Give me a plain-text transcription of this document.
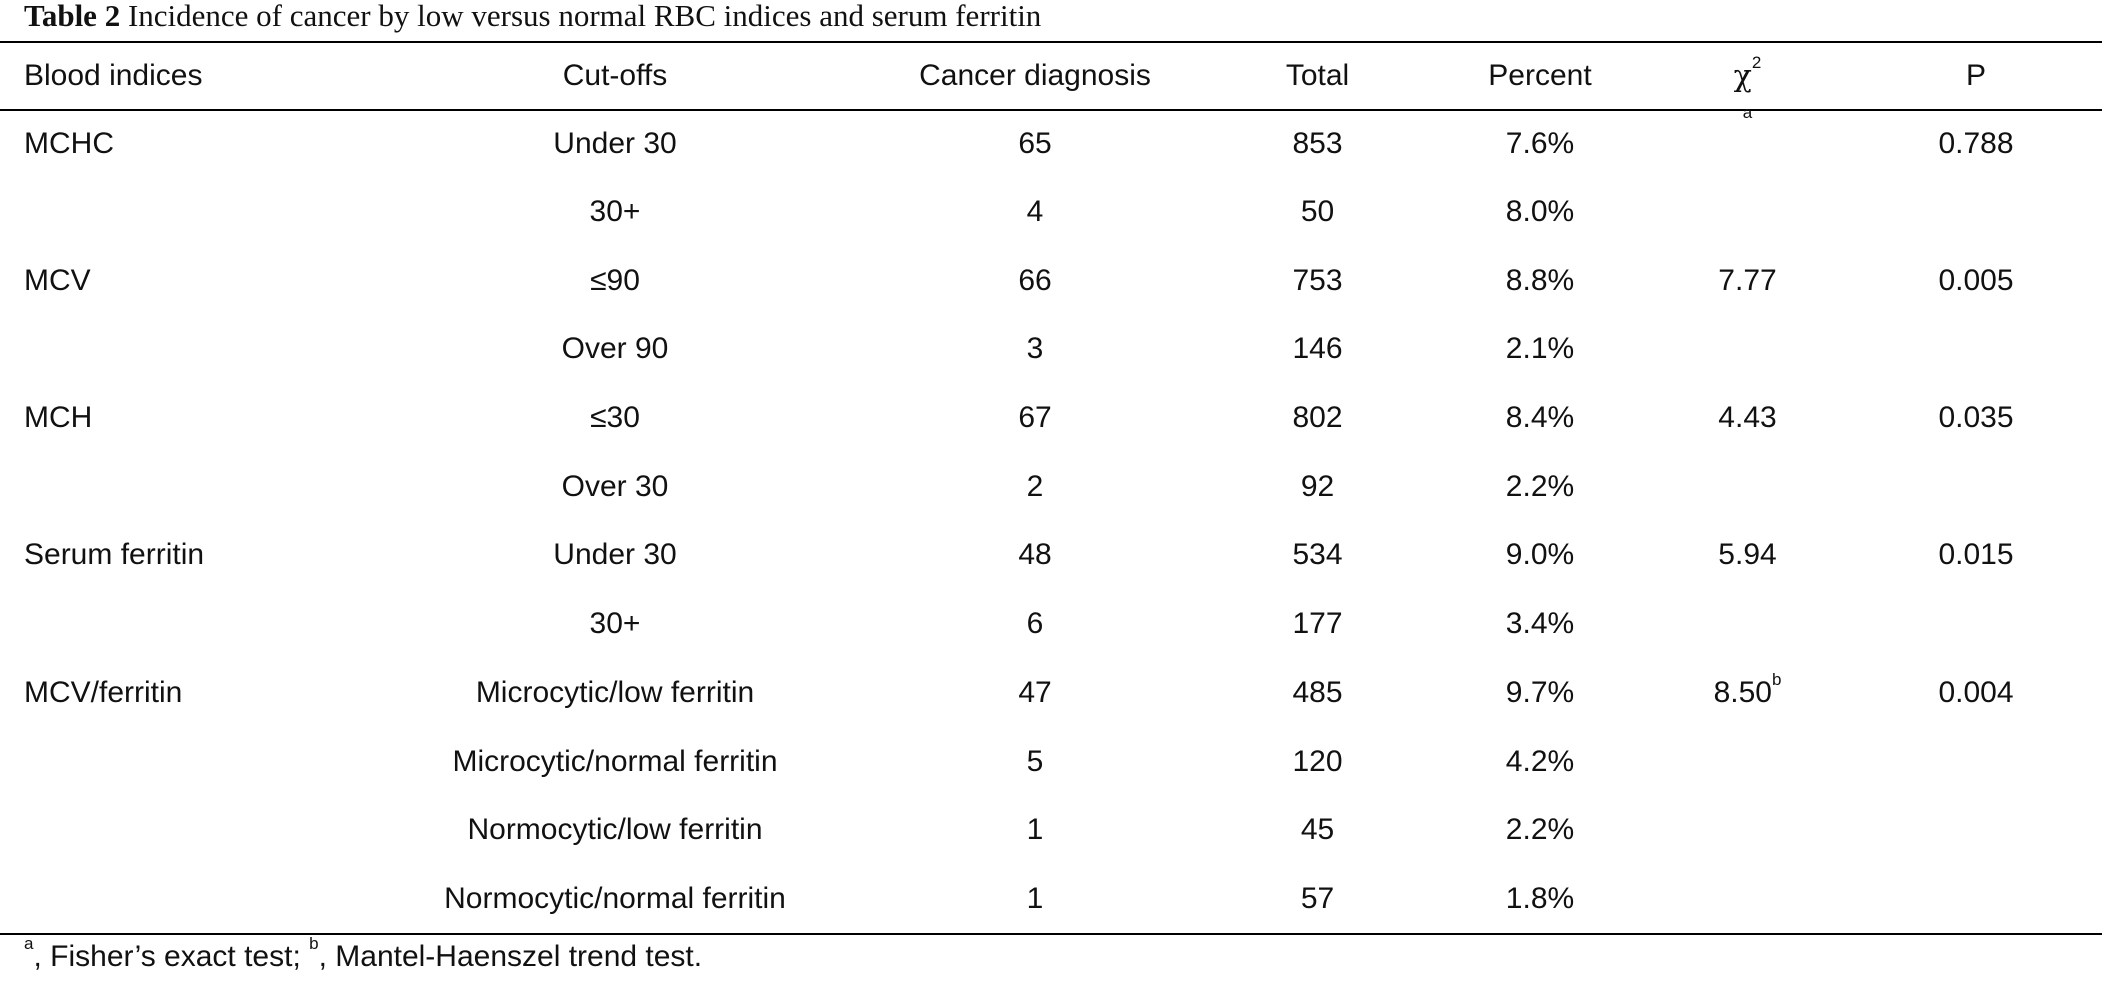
Table 2 Incidence of cancer by low versus normal RBC indices and serum ferritin
Blood indices	Cut-offs	Cancer diagnosis	Total	Percent	$\chi^2$	P
MCHC	Under 30	65	853	7.6%	$^a$	0.788
	30+	4	50	8.0%		
MCV	≤90	66	753	8.8%	7.77	0.005
	Over 90	3	146	2.1%		
MCH	≤30	67	802	8.4%	4.43	0.035
	Over 30	2	92	2.2%		
Serum ferritin	Under 30	48	534	9.0%	5.94	0.015
	30+	6	177	3.4%		
MCV/ferritin	Microcytic/low ferritin	47	485	9.7%	8.50$^b$	0.004
	Microcytic/normal ferritin	5	120	4.2%		
	Normocytic/low ferritin	1	45	2.2%		
	Normocytic/normal ferritin	1	57	1.8%		
$^a$, Fisher’s exact test; $^b$, Mantel-Haenszel trend test.
